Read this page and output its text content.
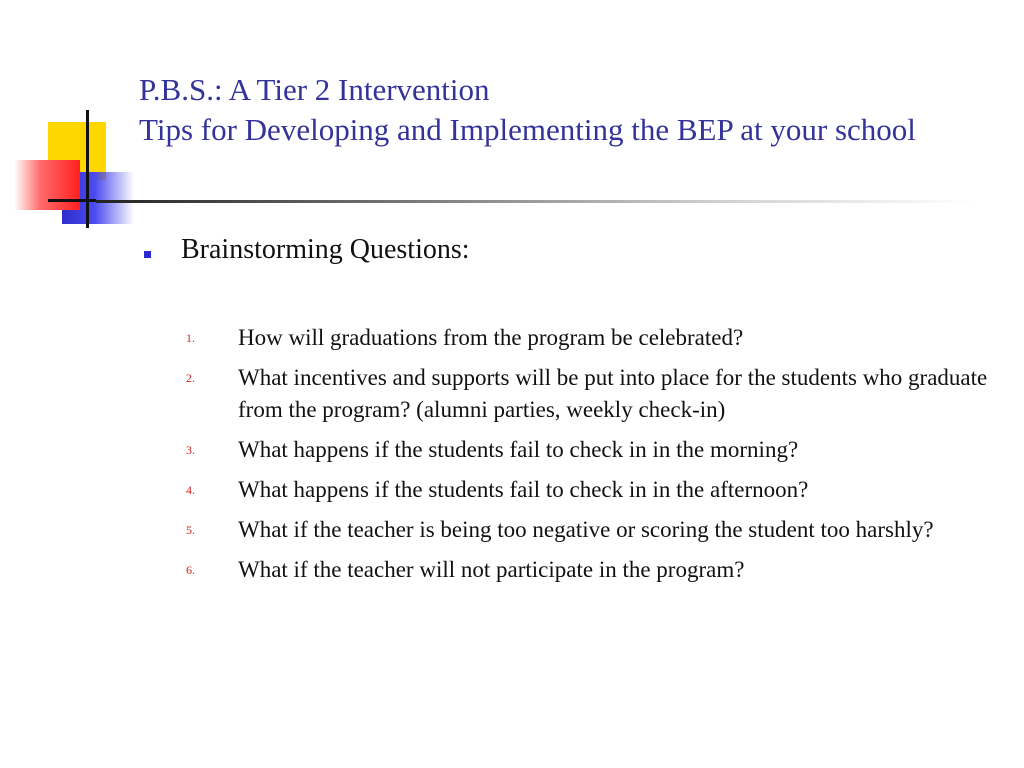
P.B.S.: A Tier 2 Intervention
Tips for Developing and Implementing the BEP at your school
Brainstorming Questions:
1.	How will graduations from the program be celebrated?
2.	What incentives and supports will be put into place for the students who graduate from the program? (alumni parties, weekly check-in)
3.	What happens if the students fail to check in in the morning?
4.	What happens if the students fail to check in in the afternoon?
5.	What if the teacher is being too negative or scoring the student too harshly?
6.	What if the teacher will not participate in the program?
